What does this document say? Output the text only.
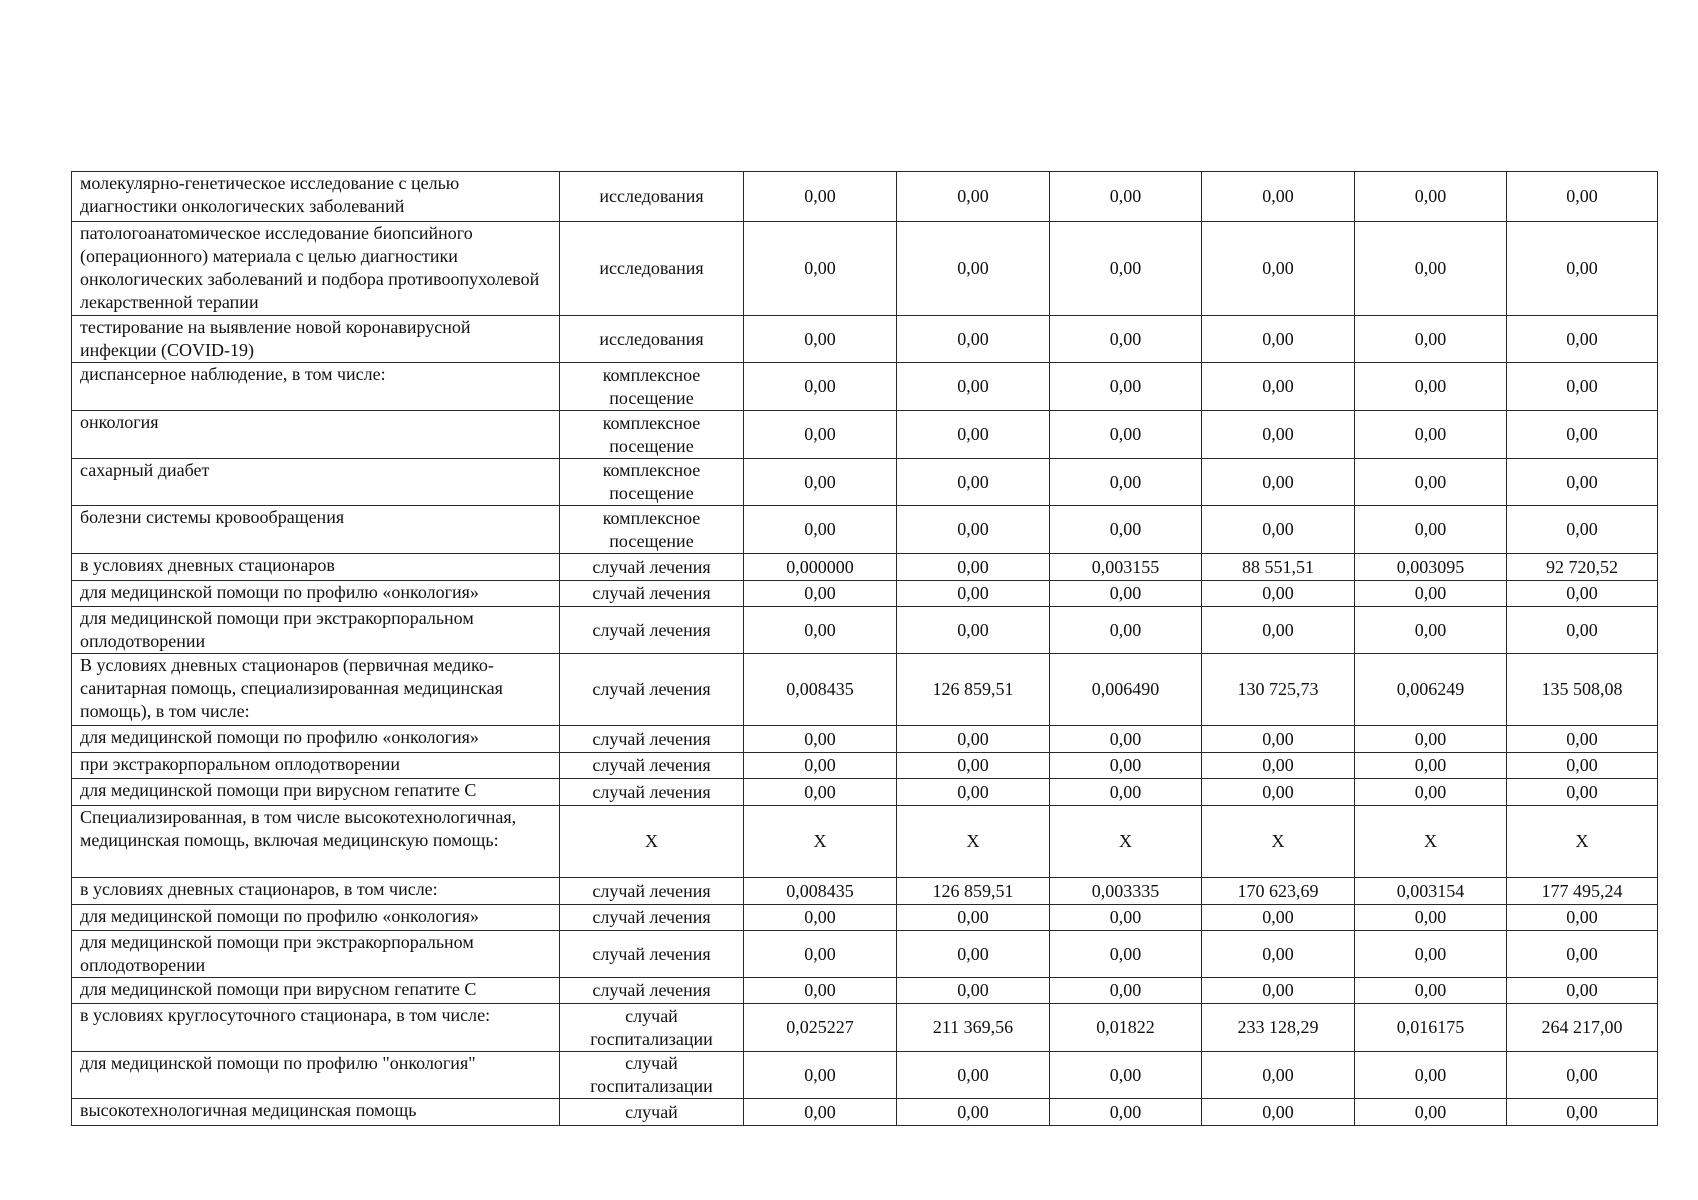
молекулярно-генетическое исследование с целью диагностики онкологических заболеваний	исследования	0,00	0,00	0,00	0,00	0,00	0,00
патологоанатомическое исследование биопсийного (операционного) материала с целью диагностики онкологических заболеваний и подбора противоопухолевой лекарственной терапии	исследования	0,00	0,00	0,00	0,00	0,00	0,00
тестирование на выявление новой коронавирусной инфекции (COVID-19)	исследования	0,00	0,00	0,00	0,00	0,00	0,00
диспансерное наблюдение, в том числе:	комплексное посещение	0,00	0,00	0,00	0,00	0,00	0,00
онкология	комплексное посещение	0,00	0,00	0,00	0,00	0,00	0,00
сахарный диабет	комплексное посещение	0,00	0,00	0,00	0,00	0,00	0,00
болезни системы кровообращения	комплексное посещение	0,00	0,00	0,00	0,00	0,00	0,00
в условиях дневных стационаров	случай лечения	0,000000	0,00	0,003155	88 551,51	0,003095	92 720,52
для медицинской помощи по профилю «онкология»	случай лечения	0,00	0,00	0,00	0,00	0,00	0,00
для медицинской помощи при экстракорпоральном оплодотворении	случай лечения	0,00	0,00	0,00	0,00	0,00	0,00
В условиях дневных стационаров (первичная медико-санитарная помощь, специализированная медицинская помощь), в том числе:	случай лечения	0,008435	126 859,51	0,006490	130 725,73	0,006249	135 508,08
для медицинской помощи по профилю «онкология»	случай лечения	0,00	0,00	0,00	0,00	0,00	0,00
при экстракорпоральном оплодотворении	случай лечения	0,00	0,00	0,00	0,00	0,00	0,00
для медицинской помощи при вирусном гепатите С	случай лечения	0,00	0,00	0,00	0,00	0,00	0,00
Специализированная, в том числе высокотехнологичная, медицинская помощь, включая медицинскую помощь:	Х	Х	Х	Х	Х	Х	Х
в условиях дневных стационаров, в том числе:	случай лечения	0,008435	126 859,51	0,003335	170 623,69	0,003154	177 495,24
для медицинской помощи по профилю «онкология»	случай лечения	0,00	0,00	0,00	0,00	0,00	0,00
для медицинской помощи при экстракорпоральном оплодотворении	случай лечения	0,00	0,00	0,00	0,00	0,00	0,00
для медицинской помощи при вирусном гепатите С	случай лечения	0,00	0,00	0,00	0,00	0,00	0,00
в условиях круглосуточного стационара, в том числе:	случай госпитализации	0,025227	211 369,56	0,01822	233 128,29	0,016175	264 217,00
для медицинской помощи по профилю "онкология"	случай госпитализации	0,00	0,00	0,00	0,00	0,00	0,00
высокотехнологичная медицинская помощь	случай	0,00	0,00	0,00	0,00	0,00	0,00
